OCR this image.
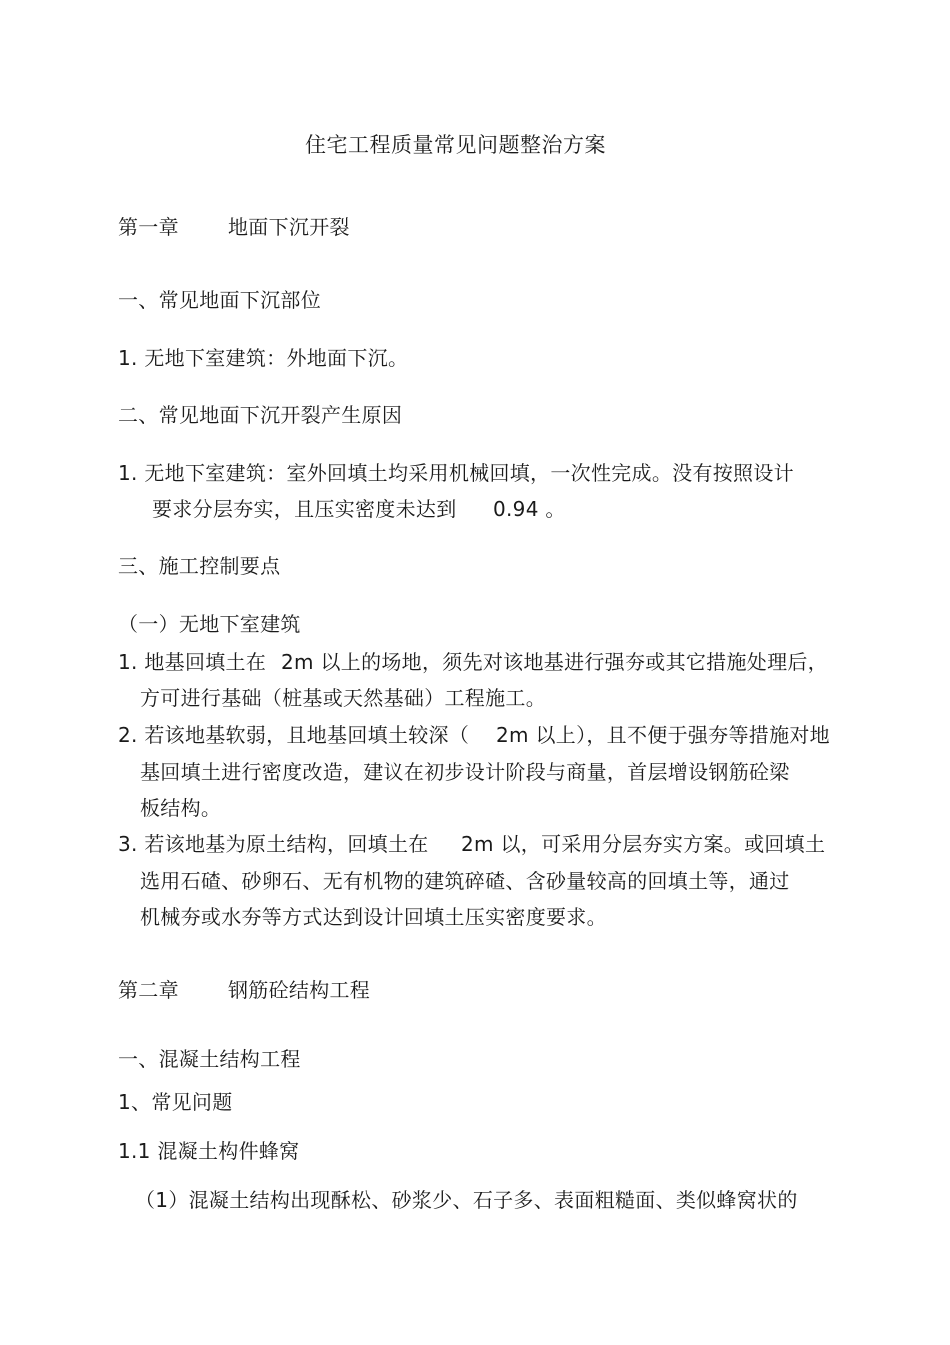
住宅工程质量常见问题整治方案

第一章 地面下沉开裂

一、常见地面下沉部位

1. 无地下室建筑：外地面下沉。

二、常见地面下沉开裂产生原因

1. 无地下室建筑：室外回填土均采用机械回填，一次性完成。没有按照设计

要求分层夯实，且压实密度未达到 0.94 。

三、施工控制要点

（一）无地下室建筑

1. 地基回填土在 2m 以上的场地，须先对该地基进行强夯或其它措施处理后，

方可进行基础（桩基或天然基础）工程施工。

2. 若该地基软弱，且地基回填土较深（ 2m 以上），且不便于强夯等措施对地

基回填土进行密度改造，建议在初步设计阶段与商量，首层增设钢筋砼梁

板结构。

3. 若该地基为原土结构，回填土在 2m 以，可采用分层夯实方案。或回填土

选用石碴、砂卵石、无有机物的建筑碎碴、含砂量较高的回填土等，通过

机械夯或水夯等方式达到设计回填土压实密度要求。

第二章 钢筋砼结构工程

一、混凝土结构工程

1、常见问题

1.1 混凝土构件蜂窝

（1）混凝土结构出现酥松、砂浆少、石子多、表面粗糙面、类似蜂窝状的
